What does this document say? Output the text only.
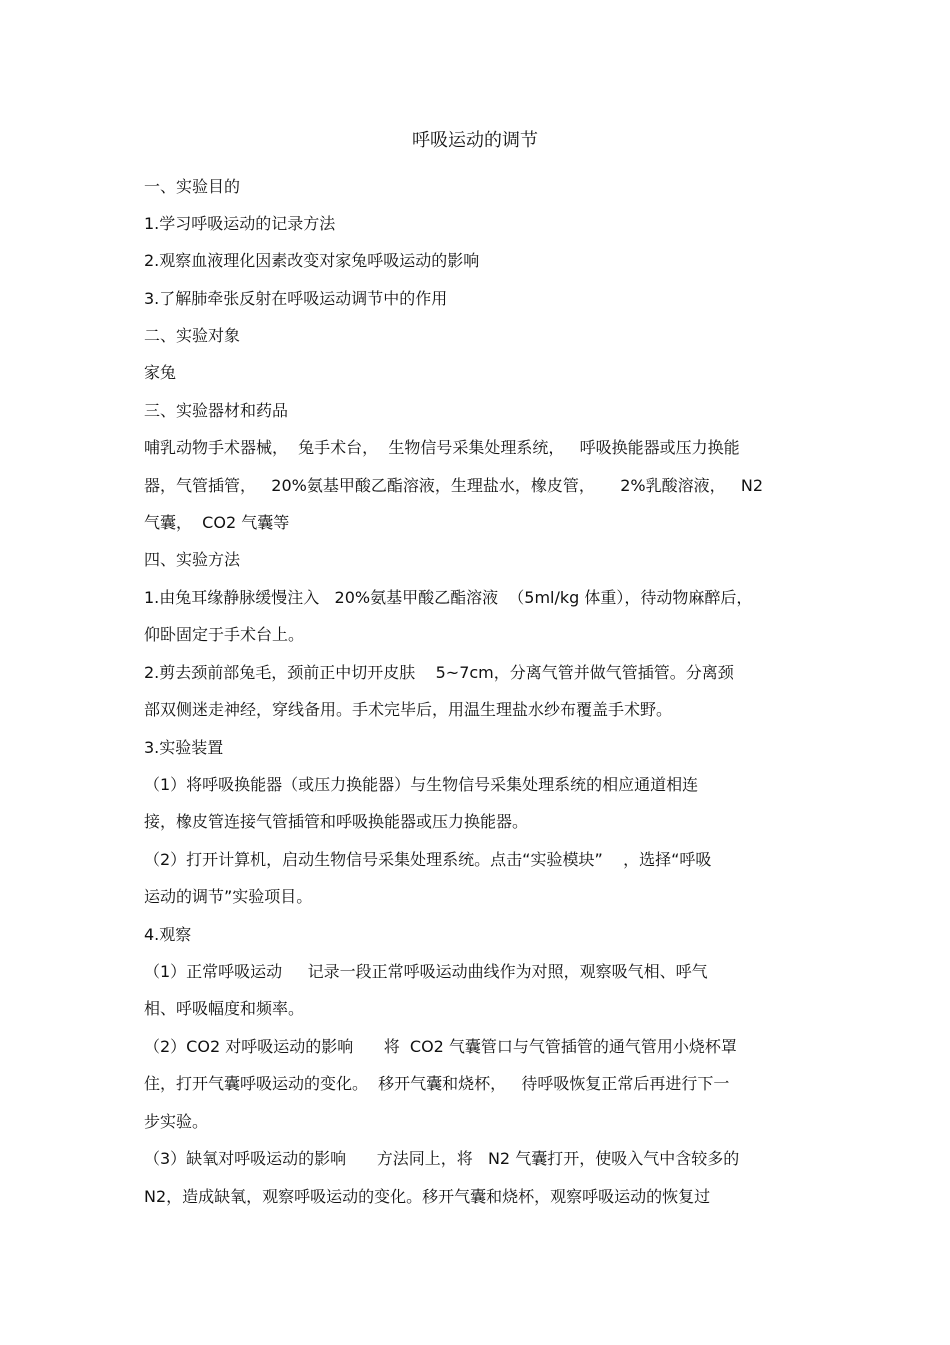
呼吸运动的调节
一、实验目的
1.学习呼吸运动的记录方法
2.观察血液理化因素改变对家兔呼吸运动的影响
3.了解肺牵张反射在呼吸运动调节中的作用
二、实验对象
家兔
三、实验器材和药品
哺乳动物手术器械，  兔手术台，  生物信号采集处理系统，   呼吸换能器或压力换能
器，气管插管，   20%氨基甲酸乙酯溶液，生理盐水，橡皮管，     2%乳酸溶液，   N2
气囊，  CO2 气囊等
四、实验方法
1.由兔耳缘静脉缓慢注入   20%氨基甲酸乙酯溶液  （5ml/kg 体重），待动物麻醉后，
仰卧固定于手术台上。
2.剪去颈前部兔毛，颈前正中切开皮肤    5~7cm，分离气管并做气管插管。分离颈
部双侧迷走神经，穿线备用。手术完毕后，用温生理盐水纱布覆盖手术野。
3.实验装置
（1）将呼吸换能器（或压力换能器）与生物信号采集处理系统的相应通道相连
接，橡皮管连接气管插管和呼吸换能器或压力换能器。
（2）打开计算机，启动生物信号采集处理系统。点击“实验模块”    ，选择“呼吸
运动的调节”实验项目。
4.观察
（1）正常呼吸运动     记录一段正常呼吸运动曲线作为对照，观察吸气相、呼气
相、呼吸幅度和频率。
（2）CO2 对呼吸运动的影响      将  CO2 气囊管口与气管插管的通气管用小烧杯罩
住，打开气囊呼吸运动的变化。  移开气囊和烧杯，   待呼吸恢复正常后再进行下一
步实验。
（3）缺氧对呼吸运动的影响      方法同上，将   N2 气囊打开，使吸入气中含较多的
N2，造成缺氧，观察呼吸运动的变化。移开气囊和烧杯，观察呼吸运动的恢复过
